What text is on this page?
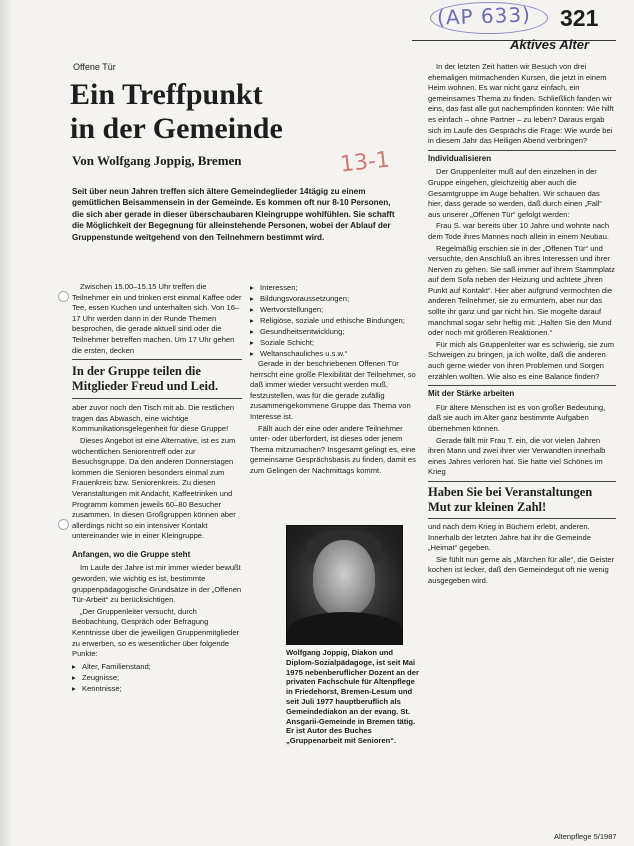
(AP 633) 321
Aktives Alter
Offene Tür
Ein Treffpunkt
in der Gemeinde
Von Wolfgang Joppig, Bremen	13-1
Seit über neun Jahren treffen sich ältere Gemeindeglieder 14tägig zu einem gemütlichen Beisammensein in der Gemeinde. Es kommen oft nur 8-10 Personen, die sich aber gerade in dieser überschaubaren Kleingruppe wohlfühlen. Sie schafft die Möglichkeit der Begegnung für alleinstehende Personen, wobei der Ablauf der Gruppenstunde weitgehend von den Teilnehmern bestimmt wird.

Zwischen 15.00–15.15 Uhr treffen die Teilnehmer ein und trinken erst einmal Kaffee oder Tee, essen Kuchen und unterhalten sich. Von 16–17 Uhr werden dann in der Runde Themen besprochen, die gerade aktuell sind oder die Teilnehmer betreffen machen. Um 17 Uhr gehen die ersten, decken

In der Gruppe teilen die Mitglieder Freud und Leid.

aber zuvor noch den Tisch mit ab. Die restlichen tragen das Abwasch, eine wichtige Kommunikationsgelegenheit für diese Gruppe!

Dieses Angebot ist eine Alternative, ist es zum wöchentlichen Seniorentreff oder zur Besuchsgruppe. Da den anderen Donnerstagen kommen die Senioren besonders einmal zum Frauenkreis bzw. Seniorenkreis. Zu diesen Veranstaltungen mit Andacht, Kaffeetrinken und Programm kommen jeweils 60–80 Besucher zusammen. In diesen Großgruppen können aber allerdings nicht so ein intensiver Kontakt untereinander wie in einer Kleingruppe.

Anfangen, wo die Gruppe steht

Im Laufe der Jahre ist mir immer wieder bewußt geworden, wie wichtig es ist, bestimmte gruppenpädagogische Grundsätze in der „Offenen Tür-Arbeit“ zu berücksichtigen.

„Der Gruppenleiter versucht, durch Beobachtung, Gespräch oder Befragung Kenntnisse über die jeweiligen Gruppenmitglieder zu erwerben, so es wesentlicher über folgende Punkte:

▸ Alter, Familienstand;
▸ Zeugnisse;
▸ Kenntnisse;
▸ Interessen;
▸ Bildungsvoraussetzungen;
▸ Wertvorstellungen;
▸ Religiöse, soziale und ethische Bindungen;
▸ Gesundheitsentwicklung;
▸ Soziale Schicht;
▸ Weltanschauliches u.s.w.“

Gerade in der beschriebenen Offenen Tür herrscht eine große Flexibilität der Teilnehmer, so daß immer wieder versucht werden muß, festzustellen, was für die gerade zufällig zusammengekommene Gruppe das Thema von Interesse ist.

Fällt auch der eine oder andere Teilnehmer unter- oder überfordert, ist dieses oder jenem Thema mitzumachen? Insgesamt gelingt es, eine gemeinsame Gesprächsbasis zu finden, damit es zum Gelingen der Nachmittags kommt.

Wolfgang Joppig, Diakon und Diplom-Sozialpädagoge, ist seit Mai 1975 nebenberuflicher Dozent an der privaten Fachschule für Altenpflege in Friedehorst, Bremen-Lesum und seit Juli 1977 hauptberuflich als Gemeindediakon an der evang. St. Ansgarii-Gemeinde in Bremen tätig. Er ist Autor des Buches „Gruppenarbeit mit Senioren“.

In der letzten Zeit hatten wir Besuch von drei ehemaligen mitmachenden Kursen, die jetzt in einem Heim wohnen. Es war nicht ganz einfach, ein gemeinsames Thema zu finden. Schließlich fanden wir eins, das fast alle gut nachempfinden konnten: Wie hilft es einfach – ohne Partner – zu leben? Daraus ergab sich im Laufe des Gesprächs die Frage: Wie wurde bei in diesem Jahr das Heiligen Abend verbringen?

Individualisieren

Der Gruppenleiter muß auf den einzelnen in der Gruppe eingehen, gleichzeitig aber auch die Gesamtgruppe im Auge behalten. Wir schauen das hier, dass gerade so werden, daß durch einen „Fall“ aus unserer „Offenen Tür“ gefolgt werden:

Frau S. war bereits über 10 Jahre und wohnte nach dem Tode ihres Mannes noch allein in einem Neubau.

Regelmäßig erschien sie in der „Offenen Tür“ und versuchte, den Anschluß an ihres Interessen und ihrer Nerven zu gehen. Sie saß immer auf ihrem Stammplatz auf dem Sofa neben der Heizung und achtete „ihren Punkt auf Kontakt“. Hier aber aufgrund vermochten die anderen Teilnehmer, sie zu ermuntern, aber nur das sollte ihr ganz und gar nicht hin. Sie mogelte darauf manchmal sogar sehr heftig mit: „Halten Sie den Mund oder noch mit größeren Reaktionen.“

Für mich als Gruppenleiter war es schwierig, sie zum Schweigen zu bringen, ja ich wollte, daß die anderen auch gerne wieder von ihren Problemen und Sorgen erzählen wollten. Wie also es eine Balance finden?

Mit der Stärke arbeiten

Für ältere Menschen ist es von großer Bedeutung, daß sie auch im Alter ganz bestimmte Aufgaben übernehmen können.

Gerade fällt mir Frau T. ein, die vor vielen Jahren ihren Mann und zwei ihrer vier Verwandten innerhalb eines Jahres verloren hat. Sie hatte viel Schönes im Krieg

Haben Sie bei Veranstaltungen Mut zur kleinen Zahl!

und nach dem Krieg in Büchern erlebt, anderen. Innerhalb der letzten Jahre hat ihr die Gemeinde „Heimat“ gegeben.

Sie fühlt nun gerne als „Märchen für alle“, die Geister kochen ist lecker, daß den Gemeindegut oft nie wenig ausgegeben wird.

Altenpflege 5/1987
